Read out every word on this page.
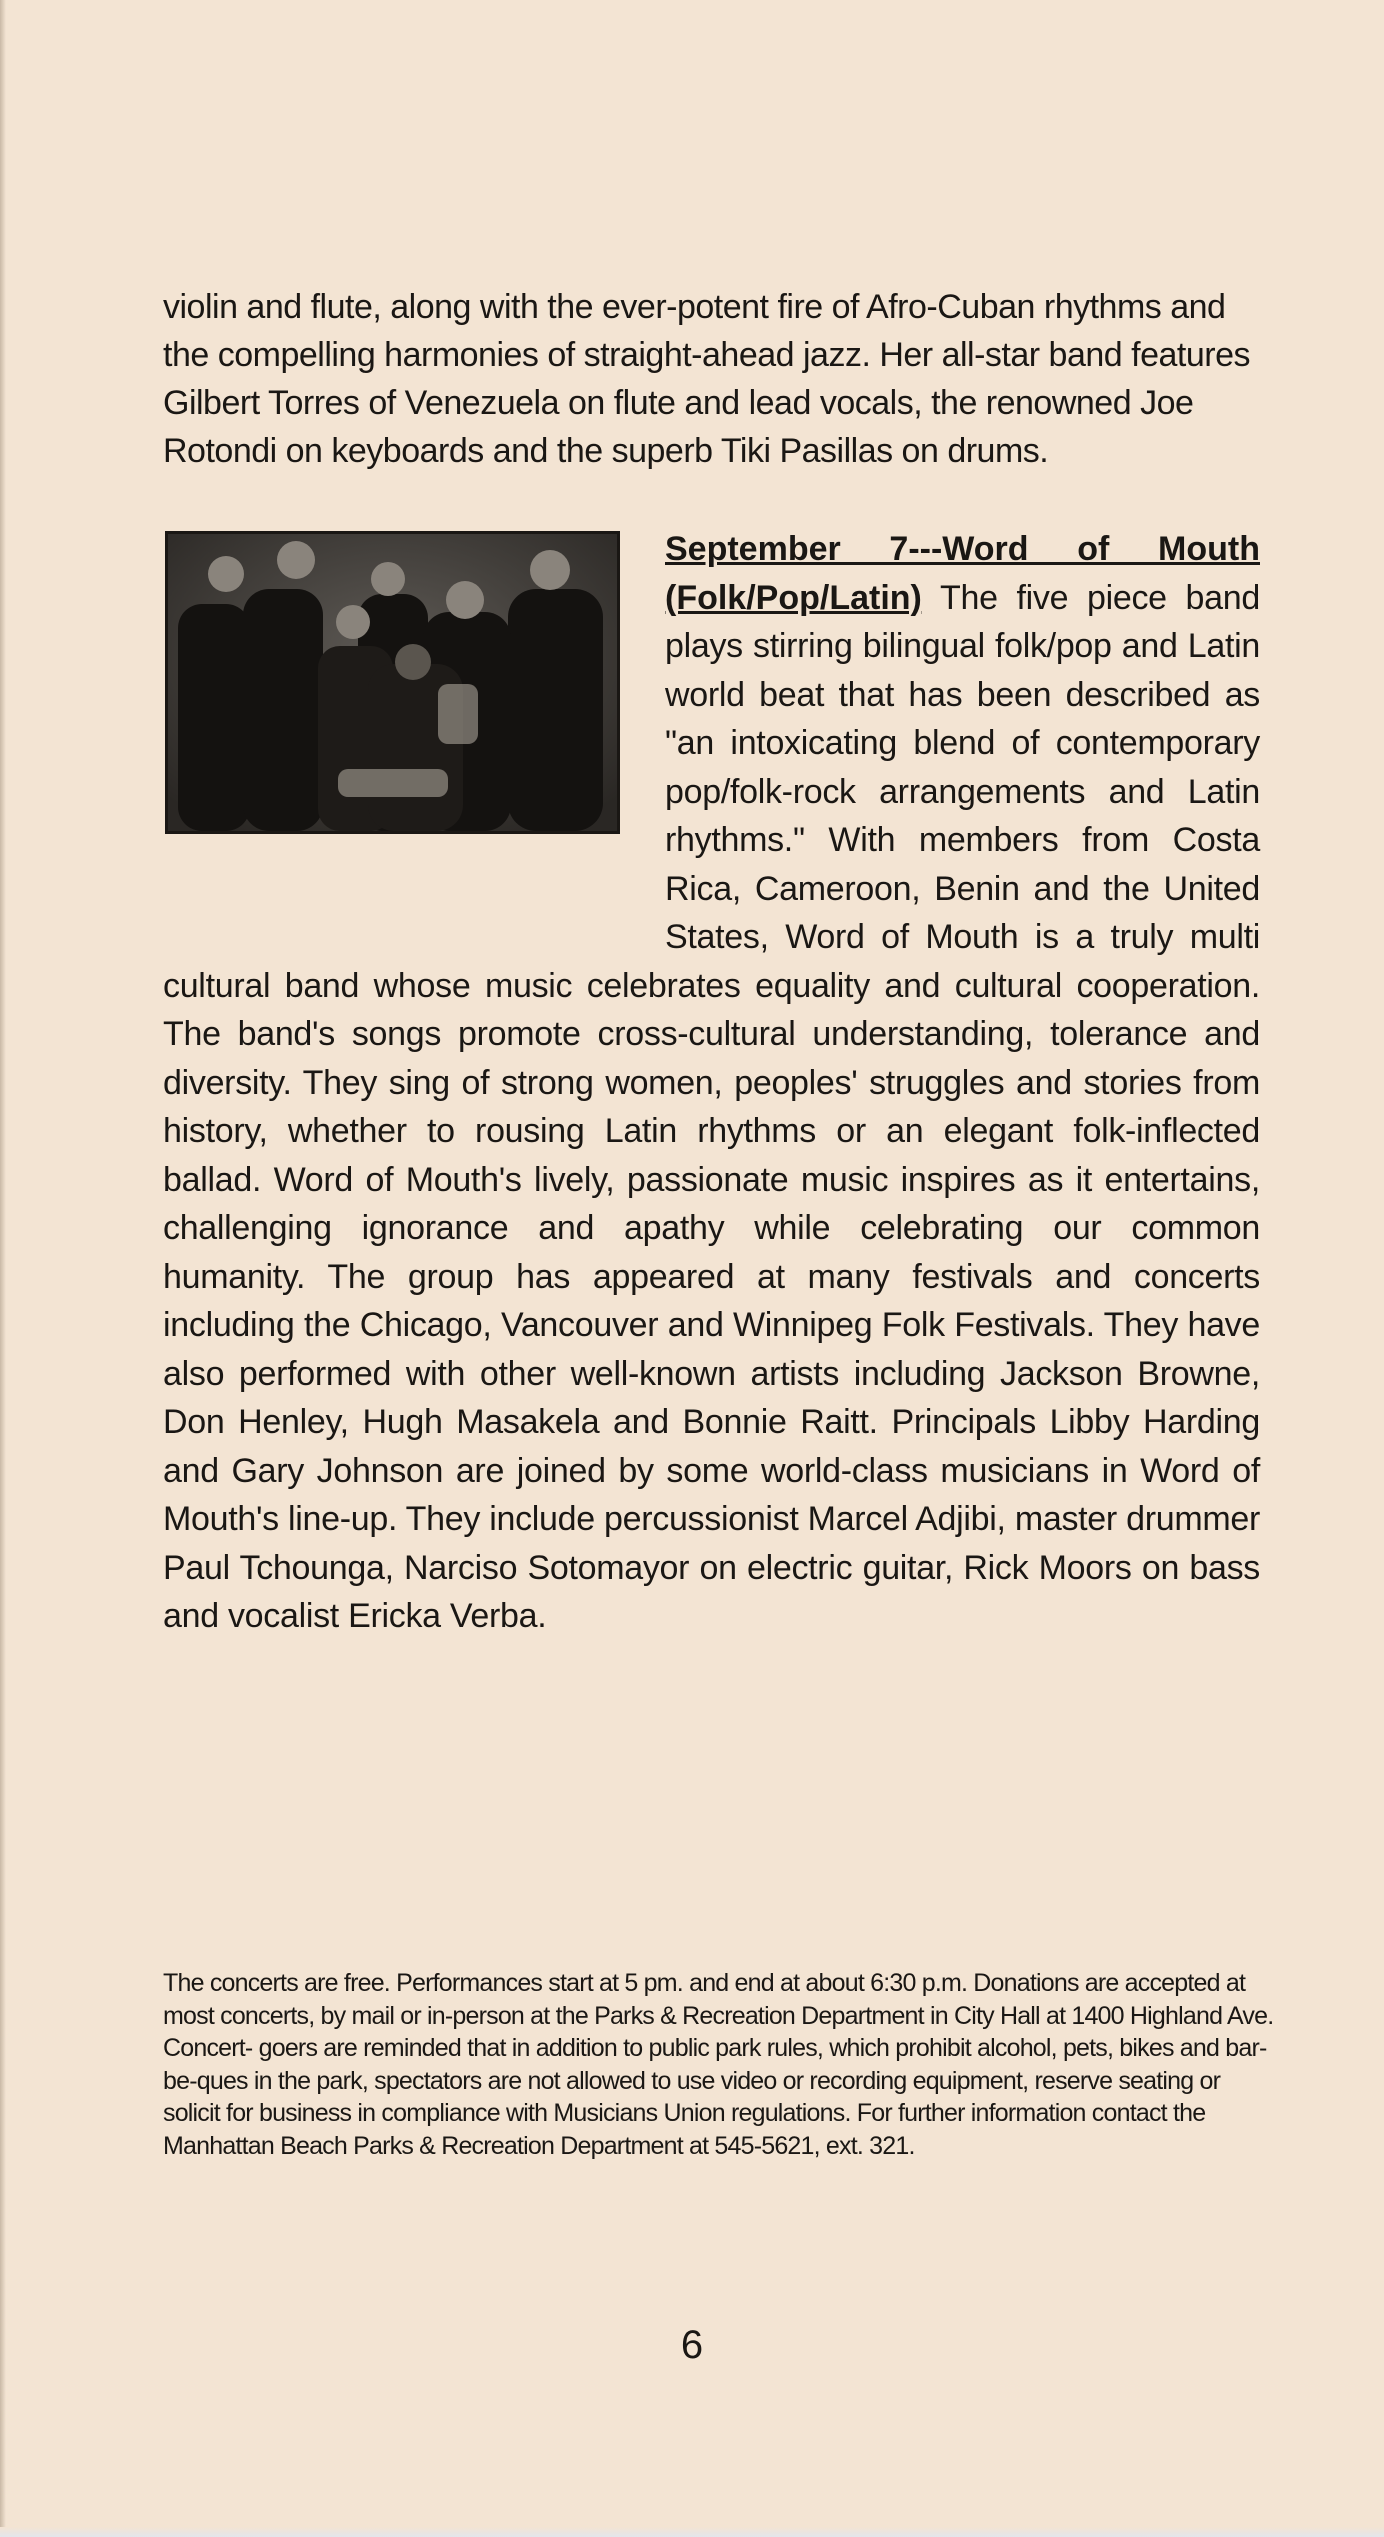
violin and flute, along with the ever-potent fire of Afro-Cuban rhythms and the compelling harmonies of straight-ahead jazz. Her all-star band features Gilbert Torres of Venezuela on flute and lead vocals, the renowned Joe Rotondi on keyboards and the superb Tiki Pasillas on drums.

September 7---Word of Mouth (Folk/Pop/Latin) The five piece band plays stirring bilingual folk/pop and Latin world beat that has been described as "an intoxicating blend of contemporary pop/folk-rock arrangements and Latin rhythms." With members from Costa Rica, Cameroon, Benin and the United States, Word of Mouth is a truly multi cultural band whose music celebrates equality and cultural cooperation. The band's songs promote cross-cultural understanding, tolerance and diversity. They sing of strong women, peoples' struggles and stories from history, whether to rousing Latin rhythms or an elegant folk-inflected ballad. Word of Mouth's lively, passionate music inspires as it entertains, challenging ignorance and apathy while celebrating our common humanity. The group has appeared at many festivals and concerts including the Chicago, Vancouver and Winnipeg Folk Festivals. They have also performed with other well-known artists including Jackson Browne, Don Henley, Hugh Masakela and Bonnie Raitt. Principals Libby Harding and Gary Johnson are joined by some world-class musicians in Word of Mouth's line-up. They include percussionist Marcel Adjibi, master drummer Paul Tchounga, Narciso Sotomayor on electric guitar, Rick Moors on bass and vocalist Ericka Verba.

The concerts are free. Performances start at 5 pm. and end at about 6:30 p.m. Donations are accepted at most concerts, by mail or in-person at the Parks & Recreation Department in City Hall at 1400 Highland Ave. Concert- goers are reminded that in addition to public park rules, which prohibit alcohol, pets, bikes and bar-be-ques in the park, spectators are not allowed to use video or recording equipment, reserve seating or solicit for business in compliance with Musicians Union regulations. For further information contact the Manhattan Beach Parks & Recreation Department at 545-5621, ext. 321.

6
